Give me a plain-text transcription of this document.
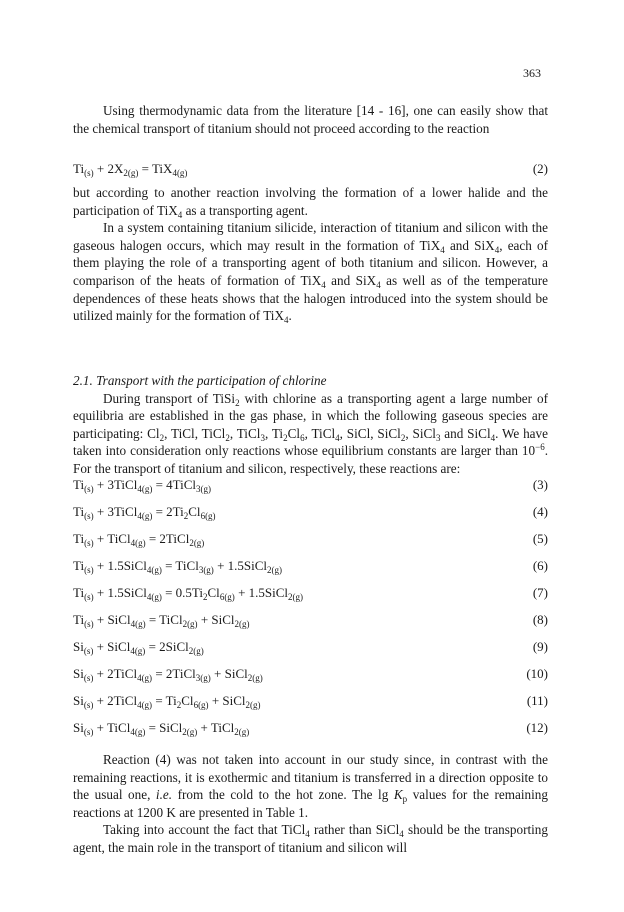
363

Using thermodynamic data from the literature [14 - 16], one can easily show that the chemical transport of titanium should not proceed according to the reaction

$Ti_{(s)} + 2X_{2(g)} = TiX_{4(g)}$	(2)

but according to another reaction involving the formation of a lower halide and the participation of TiX$_4$ as a transporting agent.

In a system containing titanium silicide, interaction of titanium and silicon with the gaseous halogen occurs, which may result in the formation of TiX$_4$ and SiX$_4$, each of them playing the role of a transporting agent of both titanium and silicon. However, a comparison of the heats of formation of TiX$_4$ and SiX$_4$ as well as of the temperature dependences of these heats shows that the halogen introduced into the system should be utilized mainly for the formation of TiX$_4$.

2.1. Transport with the participation of chlorine

During transport of TiSi$_2$ with chlorine as a transporting agent a large number of equilibria are established in the gas phase, in which the following gaseous species are participating: $Cl_2$, TiCl, TiCl$_2$, TiCl$_3$, $Ti_2Cl_6$, TiCl$_4$, SiCl, SiCl$_2$, SiCl$_3$ and SiCl$_4$. We have taken into consideration only reactions whose equilibrium constants are larger than $10^{-6}$. For the transport of titanium and silicon, respectively, these reactions are:

$Ti_{(s)}$ + 3TiCl$_{4(g)}$ = 4TiCl$_{3(g)}$	(3)
$Ti_{(s)}$ + 3TiCl$_{4(g)}$ = $2Ti_2Cl_{6(g)}$	(4)
$Ti_{(s)}$ + TiCl$_{4(g)}$ = 2TiCl$_{2(g)}$	(5)
$Ti_{(s)}$ + 1.5SiCl$_{4(g)}$ = TiCl$_{3(g)}$ + 1.5SiCl$_{2(g)}$	(6)
$Ti_{(s)}$ + 1.5SiCl$_{4(g)}$ = $0.5Ti_2Cl_{6(g)}$ + 1.5SiCl$_{2(g)}$	(7)
$Ti_{(s)}$ + SiCl$_{4(g)}$ = TiCl$_{2(g)}$ + SiCl$_{2(g)}$	(8)
$Si_{(s)}$ + SiCl$_{4(g)}$ = 2SiCl$_{2(g)}$	(9)
$Si_{(s)}$ + 2TiCl$_{4(g)}$ = 2TiCl$_{3(g)}$ + SiCl$_{2(g)}$	(10)
$Si_{(s)}$ + 2TiCl$_{4(g)}$ = $Ti_2Cl_{6(g)}$ + SiCl$_{2(g)}$	(11)
$Si_{(s)}$ + TiCl$_{4(g)}$ = SiCl$_{2(g)}$ + TiCl$_{2(g)}$	(12)

Reaction (4) was not taken into account in our study since, in contrast with the remaining reactions, it is exothermic and titanium is transferred in a direction opposite to the usual one, i.e. from the cold to the hot zone. The $\lg K_p$ values for the remaining reactions at 1200 K are presented in Table 1.

Taking into account the fact that TiCl$_4$ rather than SiCl$_4$ should be the transporting agent, the main role in the transport of titanium and silicon will
